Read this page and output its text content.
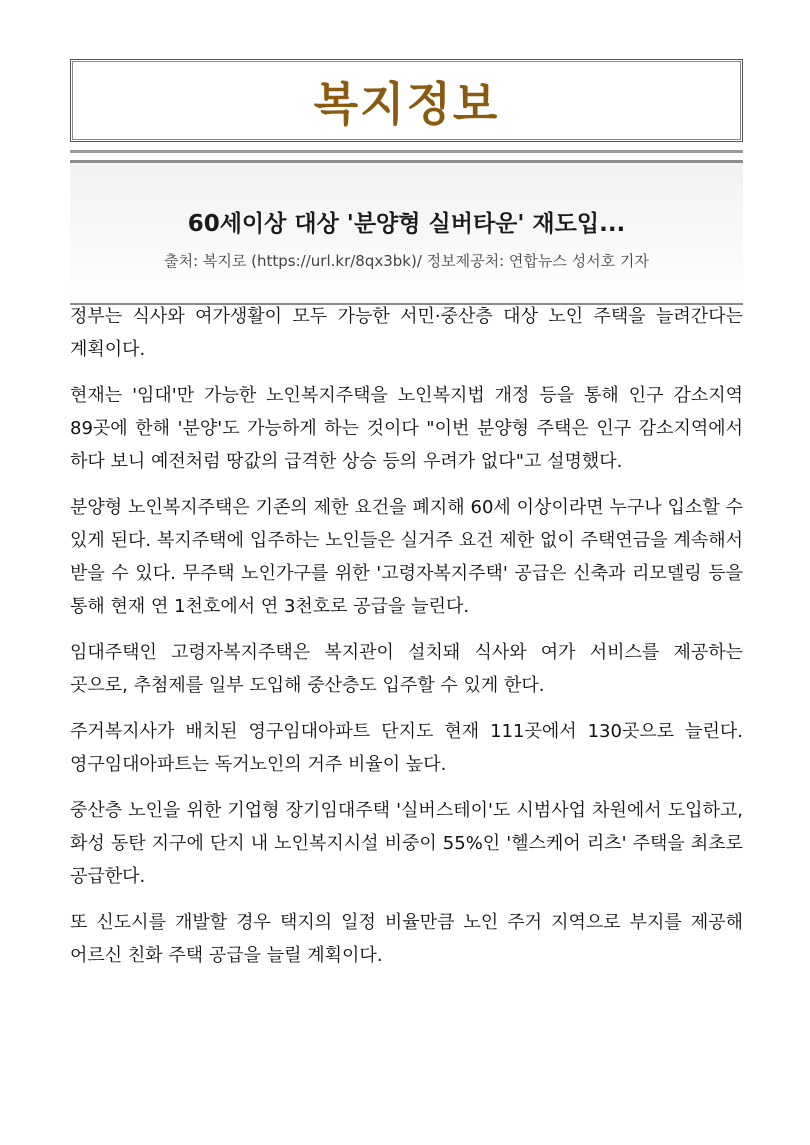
복지정보
60세이상 대상 '분양형 실버타운' 재도입...
출처: 복지로 (https://url.kr/8qx3bk)/ 정보제공처: 연합뉴스 성서호 기자

정부는 식사와 여가생활이 모두 가능한 서민·중산층 대상 노인 주택을 늘려간다는 계획이다.

현재는 '임대'만 가능한 노인복지주택을 노인복지법 개정 등을 통해 인구 감소지역 89곳에 한해 '분양'도 가능하게 하는 것이다 "이번 분양형 주택은 인구 감소지역에서 하다 보니 예전처럼 땅값의 급격한 상승 등의 우려가 없다"고 설명했다.

분양형 노인복지주택은 기존의 제한 요건을 폐지해 60세 이상이라면 누구나 입소할 수 있게 된다. 복지주택에 입주하는 노인들은 실거주 요건 제한 없이 주택연금을 계속해서 받을 수 있다. 무주택 노인가구를 위한 '고령자복지주택' 공급은 신축과 리모델링 등을 통해 현재 연 1천호에서 연 3천호로 공급을 늘린다.

임대주택인 고령자복지주택은 복지관이 설치돼 식사와 여가 서비스를 제공하는 곳으로, 추첨제를 일부 도입해 중산층도 입주할 수 있게 한다.

주거복지사가 배치된 영구임대아파트 단지도 현재 111곳에서 130곳으로 늘린다. 영구임대아파트는 독거노인의 거주 비율이 높다.

중산층 노인을 위한 기업형 장기임대주택 '실버스테이'도 시범사업 차원에서 도입하고, 화성 동탄 지구에 단지 내 노인복지시설 비중이 55%인 '헬스케어 리츠' 주택을 최초로 공급한다.

또 신도시를 개발할 경우 택지의 일정 비율만큼 노인 주거 지역으로 부지를 제공해 어르신 친화 주택 공급을 늘릴 계획이다.
